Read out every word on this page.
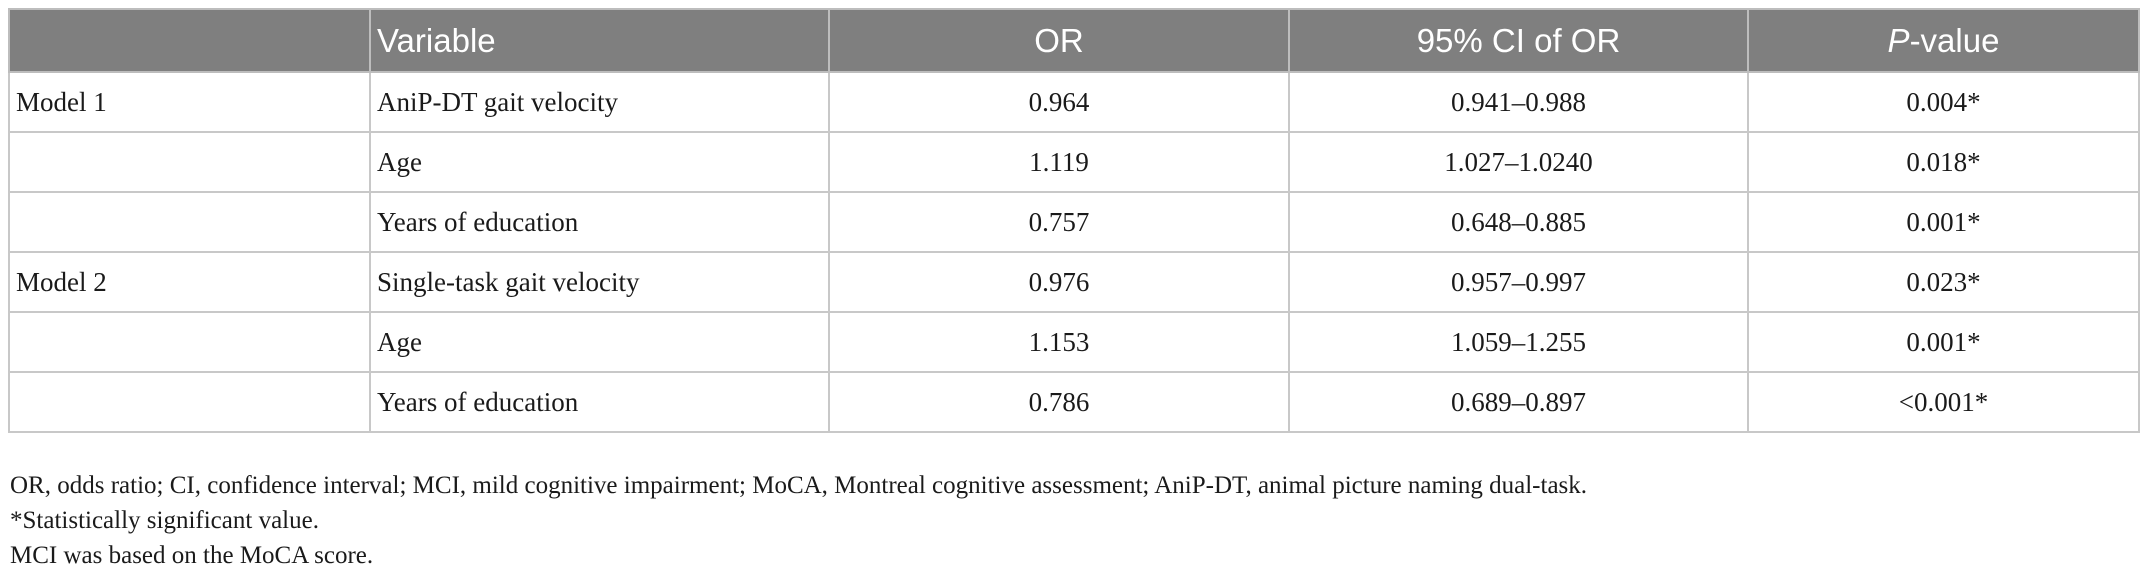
	Variable	OR	95% CI of OR	P-value
Model 1	AniP-DT gait velocity	0.964	0.941–0.988	0.004*
	Age	1.119	1.027–1.0240	0.018*
	Years of education	0.757	0.648–0.885	0.001*
Model 2	Single-task gait velocity	0.976	0.957–0.997	0.023*
	Age	1.153	1.059–1.255	0.001*
	Years of education	0.786	0.689–0.897	<0.001*
OR, odds ratio; CI, confidence interval; MCI, mild cognitive impairment; MoCA, Montreal cognitive assessment; AniP-DT, animal picture naming dual-task.
*Statistically significant value.
MCI was based on the MoCA score.
